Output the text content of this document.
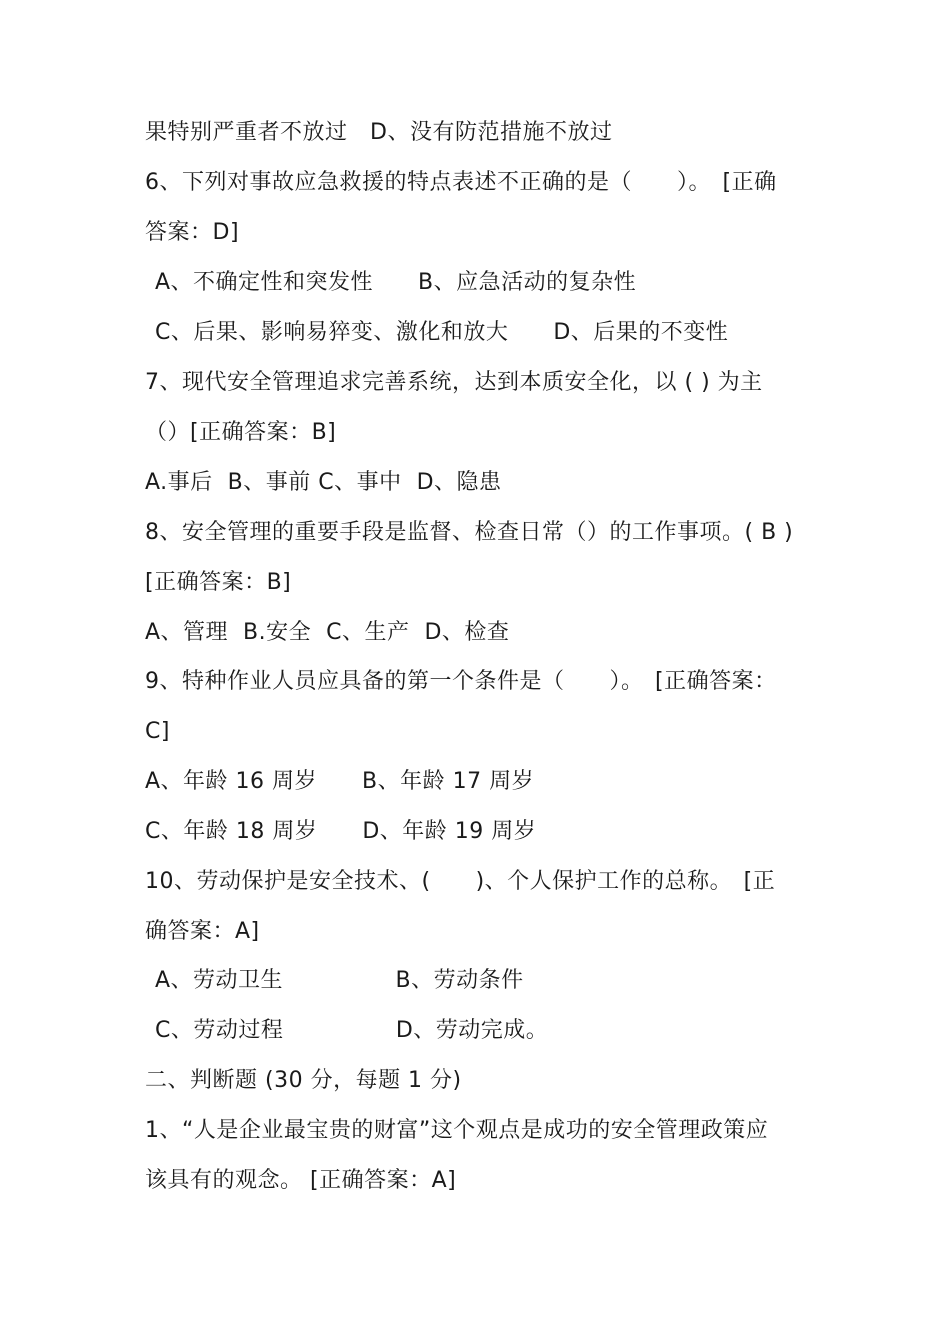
果特别严重者不放过　D、没有防范措施不放过
6、下列对事故应急救援的特点表述不正确的是（　　）。　[正确
答案：D]
A、不确定性和突发性　　B、应急活动的复杂性
C、后果、影响易猝变、激化和放大　　D、后果的不变性
7、现代安全管理追求完善系统，达到本质安全化，以 ( ) 为主
（）[正确答案：B]
A.事后  B、事前 C、事中  D、隐患
8、安全管理的重要手段是监督、检查日常（）的工作事项。( B )
[正确答案：B]
A、管理  B.安全  C、生产  D、检查
9、特种作业人员应具备的第一个条件是（　　）。　[正确答案：
C]
A、年龄 16 周岁　　B、年龄 17 周岁
C、年龄 18 周岁　　D、年龄 19 周岁
10、劳动保护是安全技术、(　　)、个人保护工作的总称。　[正
确答案：A]
A、劳动卫生　　　　　B、劳动条件
C、劳动过程　　　　　D、劳动完成。
二、判断题 (30 分，每题 1 分)
1、“人是企业最宝贵的财富”这个观点是成功的安全管理政策应
该具有的观念。 [正确答案：A]
